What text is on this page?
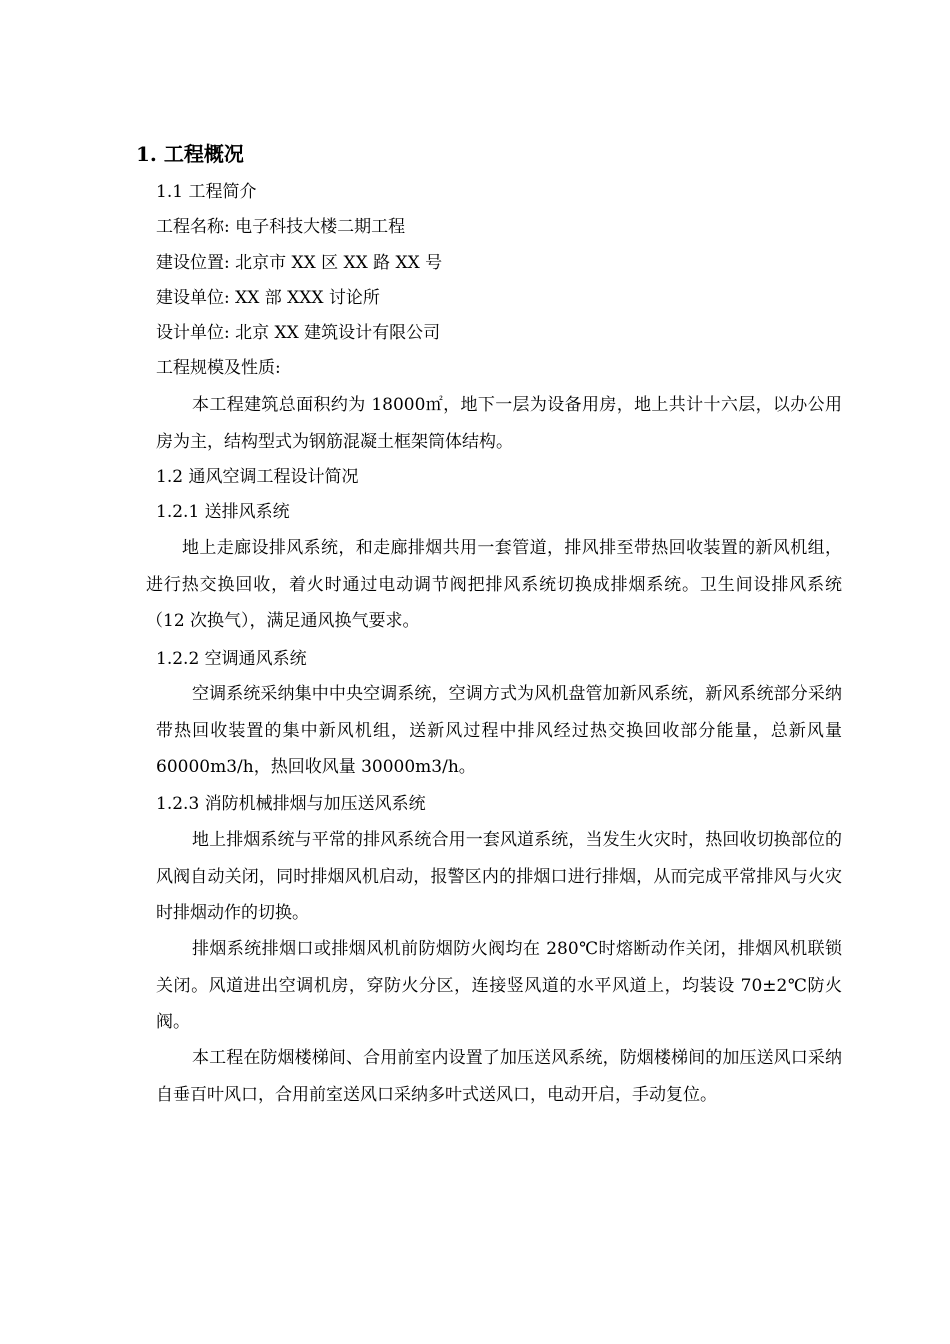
1. 工程概况
1.1 工程简介
工程名称: 电子科技大楼二期工程
建设位置: 北京市 XX 区 XX 路 XX 号
建设单位: XX 部 XXX 讨论所
设计单位: 北京 XX 建筑设计有限公司
工程规模及性质:
本工程建筑总面积约为 18000㎡，地下一层为设备用房，地上共计十六层，以办公用房为主，结构型式为钢筋混凝土框架筒体结构。
1.2 通风空调工程设计简况
1.2.1 送排风系统
地上走廊设排风系统，和走廊排烟共用一套管道，排风排至带热回收装置的新风机组，进行热交换回收，着火时通过电动调节阀把排风系统切换成排烟系统。卫生间设排风系统（12 次换气），满足通风换气要求。
1.2.2 空调通风系统
空调系统采纳集中中央空调系统，空调方式为风机盘管加新风系统，新风系统部分采纳带热回收装置的集中新风机组，送新风过程中排风经过热交换回收部分能量，总新风量 60000m3/h，热回收风量 30000m3/h。
1.2.3 消防机械排烟与加压送风系统
地上排烟系统与平常的排风系统合用一套风道系统，当发生火灾时，热回收切换部位的风阀自动关闭，同时排烟风机启动，报警区内的排烟口进行排烟，从而完成平常排风与火灾时排烟动作的切换。
排烟系统排烟口或排烟风机前防烟防火阀均在 280℃时熔断动作关闭，排烟风机联锁关闭。风道进出空调机房，穿防火分区，连接竖风道的水平风道上，均装设 70±2℃防火阀。
本工程在防烟楼梯间、合用前室内设置了加压送风系统，防烟楼梯间的加压送风口采纳自垂百叶风口，合用前室送风口采纳多叶式送风口，电动开启，手动复位。
